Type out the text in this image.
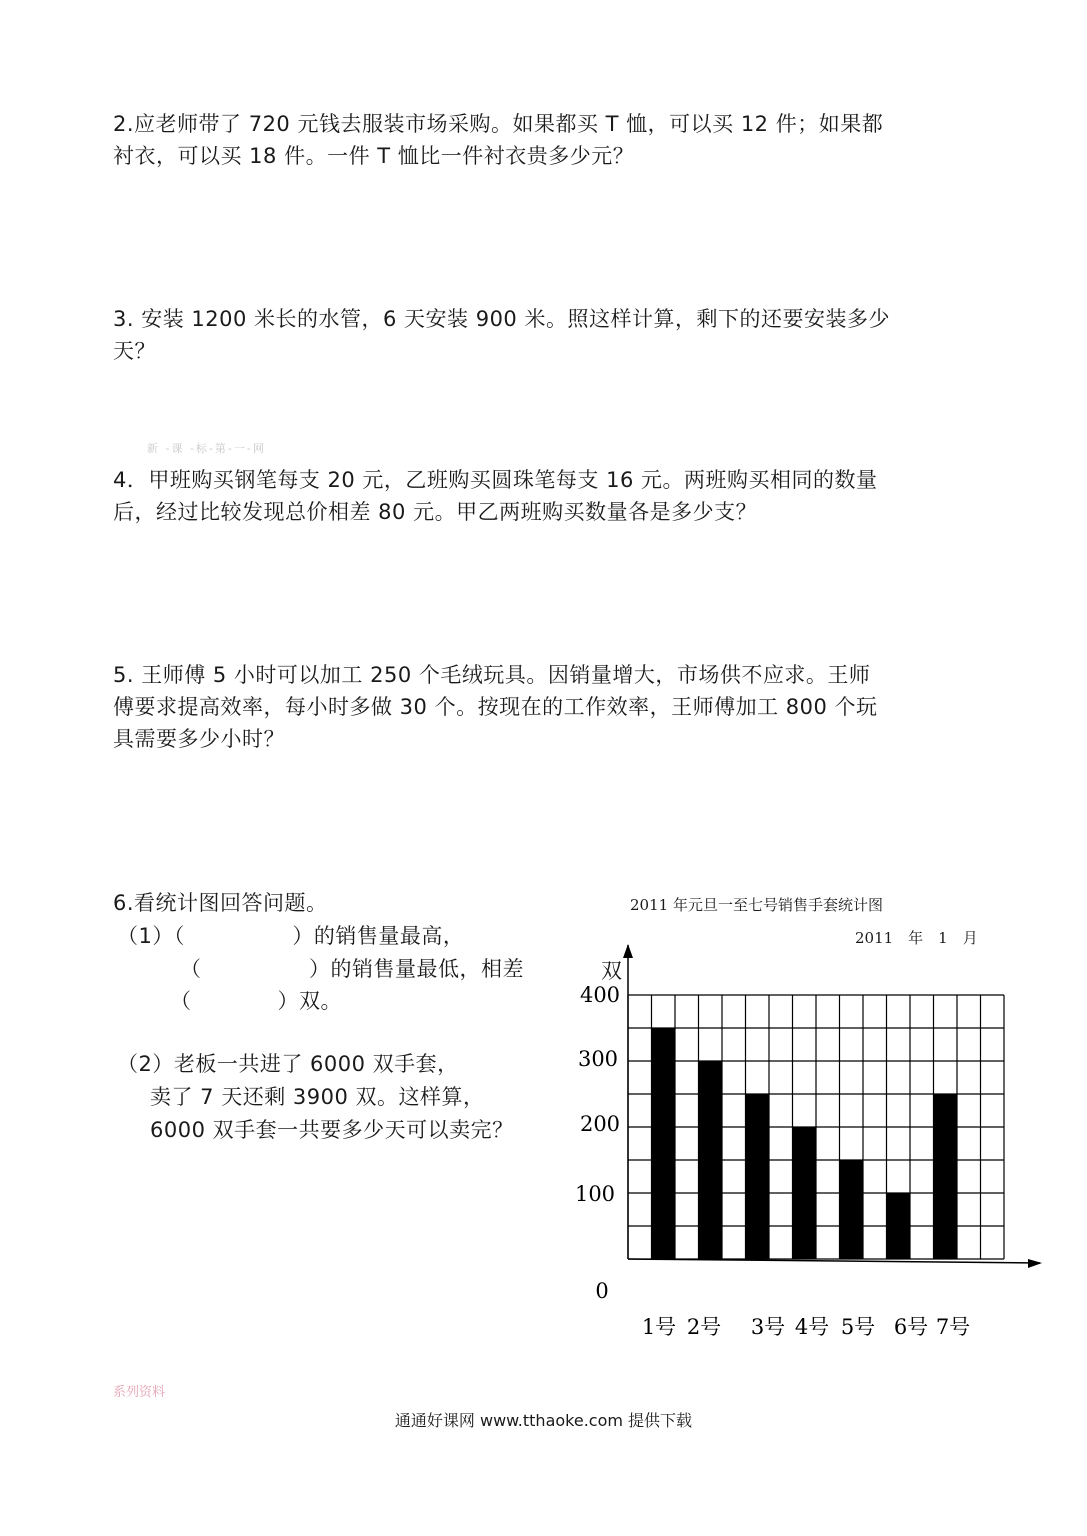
2.应老师带了 720 元钱去服装市场采购。如果都买 T 恤，可以买 12 件；如果都

衬衣，可以买 18 件。一件 T 恤比一件衬衣贵多少元？

3. 安装 1200 米长的水管，6 天安装 900 米。照这样计算，剩下的还要安装多少

天？

新 -课 -标-第-一-网

4．甲班购买钢笔每支 20 元，乙班购买圆珠笔每支 16 元。两班购买相同的数量

后，经过比较发现总价相差 80 元。甲乙两班购买数量各是多少支？

5. 王师傅 5 小时可以加工 250 个毛绒玩具。因销量增大，市场供不应求。王师

傅要求提高效率，每小时多做 30 个。按现在的工作效率，王师傅加工 800 个玩

具需要多少小时？

6.看统计图回答问题。
（1）（　　　　　）的销售量最高，
（　　　　　）的销售量最低，相差
（　　　　）双。
（2）老板一共进了 6000 双手套，
卖了 7 天还剩 3900 双。这样算，
6000 双手套一共要多少天可以卖完？
2011 年元旦一至七号销售手套统计图
2011　年　1　月
双
1号 2号 3号 4号 5号 6号 7号
400
300
200
100
0
系列资料
通通好课网 www.tthaoke.com 提供下载
